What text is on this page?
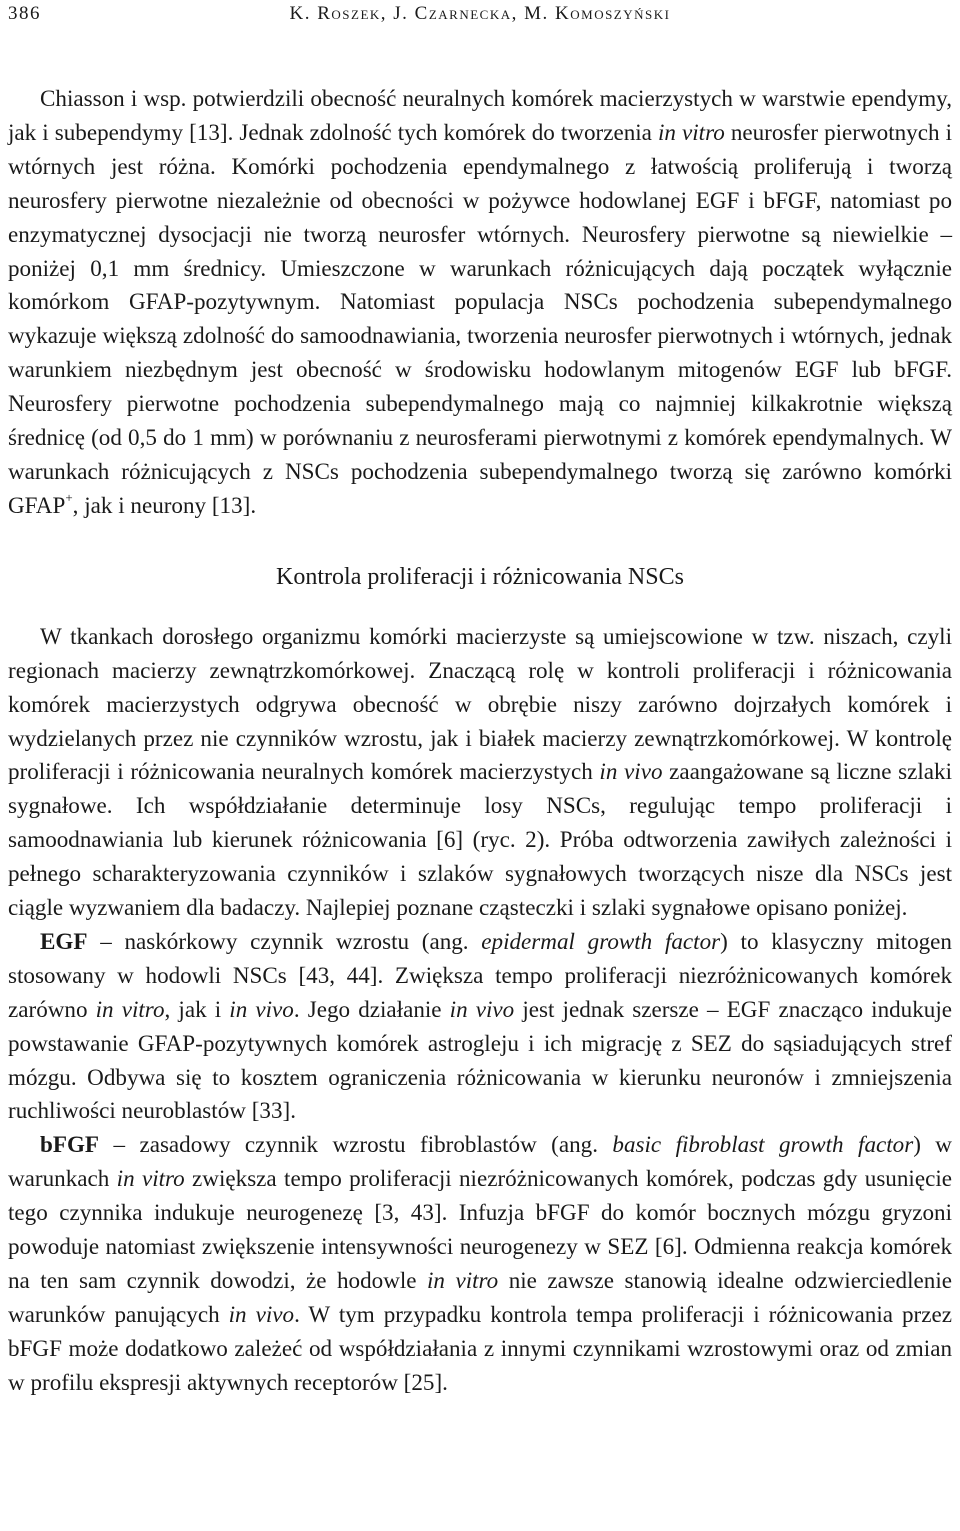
386	K. Roszek, J. Czarnecka, M. Komoszyński

Chiasson i wsp. potwierdzili obecność neuralnych komórek macierzystych w warstwie ependymy, jak i subependymy [13]. Jednak zdolność tych komórek do tworzenia in vitro neurosfer pierwotnych i wtórnych jest różna. Komórki pochodzenia ependymalnego z łatwością proliferują i tworzą neurosfery pierwotne niezależnie od obecności w pożywce hodowlanej EGF i bFGF, natomiast po enzymatycznej dysocjacji nie tworzą neurosfer wtórnych. Neurosfery pierwotne są niewielkie – poniżej 0,1 mm średnicy. Umieszczone w warunkach różnicujących dają początek wyłącznie komórkom GFAP-pozytywnym. Natomiast populacja NSCs pochodzenia subependymalnego wykazuje większą zdolność do samoodnawiania, tworzenia neurosfer pierwotnych i wtórnych, jednak warunkiem niezbędnym jest obecność w środowisku hodowlanym mitogenów EGF lub bFGF. Neurosfery pierwotne pochodzenia subependymalnego mają co najmniej kilkakrotnie większą średnicę (od 0,5 do 1 mm) w porównaniu z neurosferami pierwotnymi z komórek ependymalnych. W warunkach różnicujących z NSCs pochodzenia subependymalnego tworzą się zarówno komórki GFAP+, jak i neurony [13].

Kontrola proliferacji i różnicowania NSCs

W tkankach dorosłego organizmu komórki macierzyste są umiejscowione w tzw. niszach, czyli regionach macierzy zewnątrzkomórkowej. Znaczącą rolę w kontroli proliferacji i różnicowania komórek macierzystych odgrywa obecność w obrębie niszy zarówno dojrzałych komórek i wydzielanych przez nie czynników wzrostu, jak i białek macierzy zewnątrzkomórkowej. W kontrolę proliferacji i różnicowania neuralnych komórek macierzystych in vivo zaangażowane są liczne szlaki sygnałowe. Ich współdziałanie determinuje losy NSCs, regulując tempo proliferacji i samoodnawiania lub kierunek różnicowania [6] (ryc. 2). Próba odtworzenia zawiłych zależności i pełnego scharakteryzowania czynników i szlaków sygnałowych tworzących nisze dla NSCs jest ciągle wyzwaniem dla badaczy. Najlepiej poznane cząsteczki i szlaki sygnałowe opisano poniżej.

EGF – naskórkowy czynnik wzrostu (ang. epidermal growth factor) to klasyczny mitogen stosowany w hodowli NSCs [43, 44]. Zwiększa tempo proliferacji niezróżnicowanych komórek zarówno in vitro, jak i in vivo. Jego działanie in vivo jest jednak szersze – EGF znacząco indukuje powstawanie GFAP-pozytywnych komórek astrogleju i ich migrację z SEZ do sąsiadujących stref mózgu. Odbywa się to kosztem ograniczenia różnicowania w kierunku neuronów i zmniejszenia ruchliwości neuroblastów [33].

bFGF – zasadowy czynnik wzrostu fibroblastów (ang. basic fibroblast growth factor) w warunkach in vitro zwiększa tempo proliferacji niezróżnicowanych komórek, podczas gdy usunięcie tego czynnika indukuje neurogenezę [3, 43]. Infuzja bFGF do komór bocznych mózgu gryzoni powoduje natomiast zwiększenie intensywności neurogenezy w SEZ [6]. Odmienna reakcja komórek na ten sam czynnik dowodzi, że hodowle in vitro nie zawsze stanowią idealne odzwierciedlenie warunków panujących in vivo. W tym przypadku kontrola tempa proliferacji i różnicowania przez bFGF może dodatkowo zależeć od współdziałania z innymi czynnikami wzrostowymi oraz od zmian w profilu ekspresji aktywnych receptorów [25].
